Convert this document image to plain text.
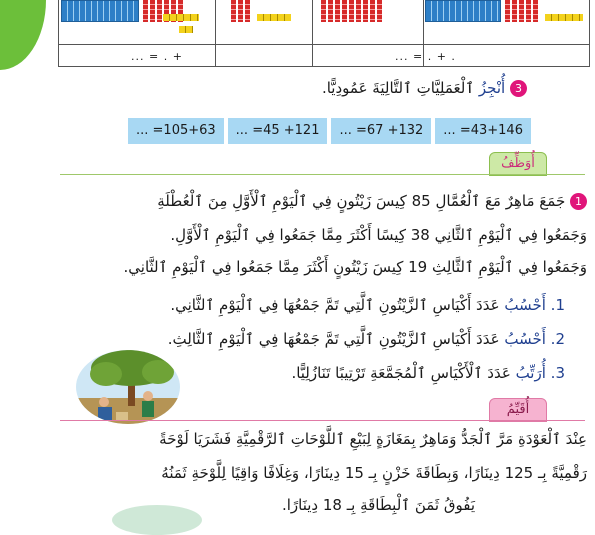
... = . +	... = . + .
3 أُنْجِزُ ٱلْعَمَلِيَّاتِ ٱلتَّالِيَةَ عَمُودِيًّا.
... =105+63	... =45 +121	... =67 +132	... =43+146
أُوَظِّفُ
1 جَمَعَ مَاهِرٌ مَعَ ٱلْعُمَّالِ 85 كِيسَ زَيْتُونٍ فِي ٱلْيَوْمِ ٱلْأَوَّلِ مِنَ ٱلْعُطْلَةِ
وَجَمَعُوا فِي ٱلْيَوْمِ ٱلثَّانِي 38 كِيسًا أَكْثَرَ مِمَّا جَمَعُوا فِي ٱلْيَوْمِ ٱلْأَوَّلِ.
وَجَمَعُوا فِي ٱلْيَوْمِ ٱلثَّالِثِ 19 كِيسَ زَيْتُونٍ أَكْثَرَ مِمَّا جَمَعُوا فِي ٱلْيَوْمِ ٱلثَّانِي.
1. أَحْسُبُ عَدَدَ أَكْيَاسِ ٱلزَّيْتُونِ ٱلَّتِي تَمَّ جَمْعُهَا فِي ٱلْيَوْمِ ٱلثَّانِي.
2. أَحْسُبُ عَدَدَ أَكْيَاسِ ٱلزَّيْتُونِ ٱلَّتِي تَمَّ جَمْعُهَا فِي ٱلْيَوْمِ ٱلثَّالِثِ.
3. أُرَتِّبُ عَدَدَ ٱلْأَكْيَاسِ ٱلْمُجَمَّعَةِ تَرْتِيبًا تَنَازُلِيًّا.
أُقَيِّمُ
عِنْدَ ٱلْعَوْدَةِ مَرَّ ٱلْجَدُّ وَمَاهِرٌ بِمَغَازَةٍ لِبَيْعِ ٱللَّوْحَاتِ ٱلرَّقْمِيَّةِ فَشَرَيَا لَوْحَةً
رَقْمِيَّةً بِـ 125 دِينَارًا، وَبِطَاقَةَ خَزْنٍ بِـ 15 دِينَارًا، وَغِلَافًا وَاقِيًا لِلَّوْحَةِ ثَمَنُهُ
يَفُوقُ ثَمَنَ ٱلْبِطَاقَةِ بِـ 18 دِينَارًا.
